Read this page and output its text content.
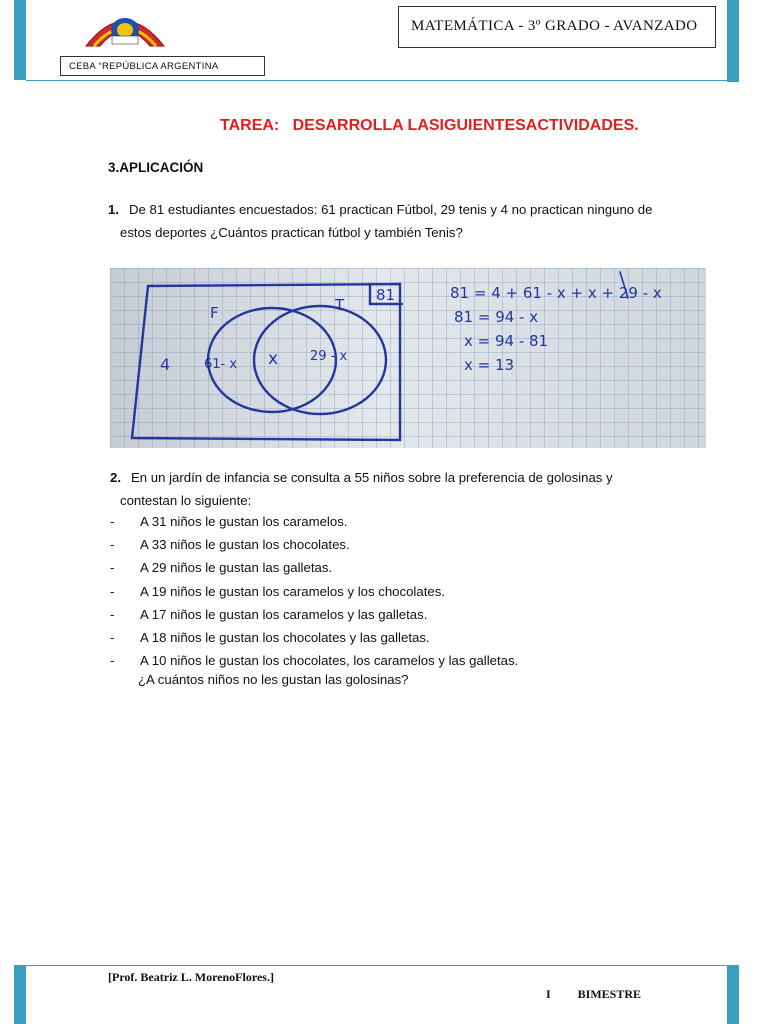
MATEMÁTICA - 3º GRADO - AVANZADO
CEBA “REPÚBLICA ARGENTINA
TAREA:   DESARROLLA LASIGUIENTESACTIVIDADES.
3.APLICACIÓN
1. De 81 estudiantes encuestados: 61 practican Fútbol, 29 tenis y 4 no practican ninguno de
estos deportes ¿Cuántos practican fútbol y también Tenis?
81
F	T
4	61- x x 29 - x
81 = 4 + 61 - x + x + 29 - x
81 = 94 - x
x = 94 - 81
x = 13
2. En un jardín de infancia se consulta a 55 niños sobre la preferencia de golosinas y
contestan lo siguiente:
- A 31 niños le gustan los caramelos.
- A 33 niños le gustan los chocolates.
- A 29 niños le gustan las galletas.
- A 19 niños le gustan los caramelos y los chocolates.
- A 17 niños le gustan los caramelos y las galletas.
- A 18 niños le gustan los chocolates y las galletas.
- A 10 niños le gustan los chocolates, los caramelos y las galletas.
¿A cuántos niños no les gustan las golosinas?
[Prof. Beatriz L. MorenoFlores.]
I         BIMESTRE
